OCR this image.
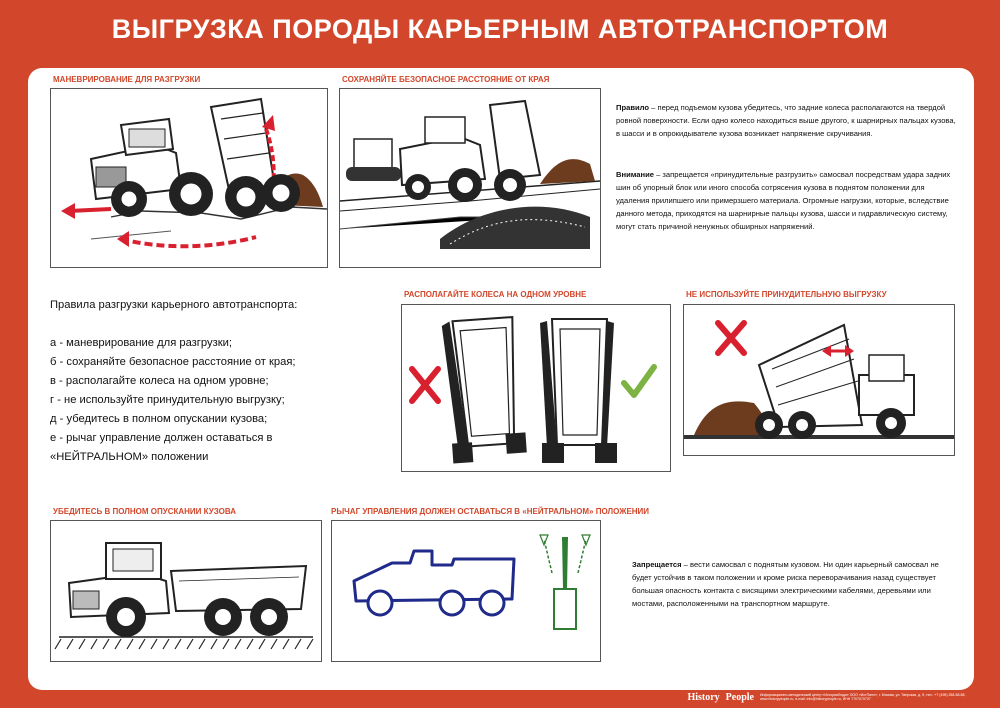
ВЫГРУЗКА ПОРОДЫ КАРЬЕРНЫМ АВТОТРАНСПОРТОМ
МАНЕВРИРОВАНИЕ ДЛЯ РАЗГРУЗКИ	СОХРАНЯЙТЕ БЕЗОПАСНОЕ РАССТОЯНИЕ ОТ КРАЯ
Правило – перед подъемом кузова убедитесь, что задние колеса располагаются на твердой ровной поверхности. Если одно колесо находиться выше другого, к шарнирных пальцах кузова, в шасси и в опрокидывателе кузова возникает напряжение скручивания.
Внимание – запрещается «принудительные разгрузить» самосвал посредствам удара задних шин об упорный блок или иного способа сотрясения кузова в поднятом положении для удаления прилипшего или примерзшего материала. Огромные нагрузки, которые, вследствие данного метода, приходятся на шарнирные пальцы кузова, шасси и гидравлическую систему, могут стать причиной ненужных обширных напряжений.
Правила разгрузки карьерного автотранспорта:
а - маневрирование для разгрузки;
б - сохраняйте безопасное расстояние от края;
в - располагайте колеса на одном уровне;
г - не используйте принудительную выгрузку;
д - убедитесь в полном опускании кузова;
е - рычаг управление должен оставаться в «НЕЙТРАЛЬНОМ» положении
РАСПОЛАГАЙТЕ КОЛЕСА НА ОДНОМ УРОВНЕ	НЕ ИСПОЛЬЗУЙТЕ ПРИНУДИТЕЛЬНУЮ ВЫГРУЗКУ
УБЕДИТЕСЬ В ПОЛНОМ ОПУСКАНИИ КУЗОВА	РЫЧАГ УПРАВЛЕНИЯ ДОЛЖЕН ОСТАВАТЬСЯ В «НЕЙТРАЛЬНОМ» ПОЛОЖЕНИИ
Запрещается – вести самосвал с поднятым кузовом. Ни один карьерный самосвал не будет устойчив в таком положении и кроме риска переворачивания назад существует большая опасность контакта с висящими электрическими кабелями, деревьями или мостами, расположенными на транспортном маршруте.
History People Информационно-методический центр «ИсторияЛюди» ООО «ИстПипл», г. Москва, ул. Тверская, д. 9, тел.: +7 (495) 258-58-58, www.historypeople.ru, e-mail: info@historypeople.ru, ИНН 7707070707
